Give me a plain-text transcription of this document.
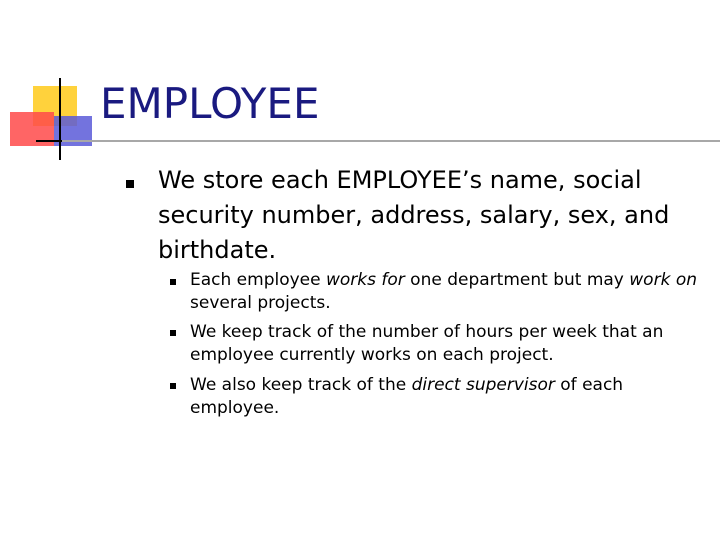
EMPLOYEE
We store each EMPLOYEE’s name, social security number, address, salary, sex, and birthdate.
Each employee works for one department but may work on several projects.
We keep track of the number of hours per week that an employee currently works on each project.
We also keep track of the direct supervisor of each employee.
